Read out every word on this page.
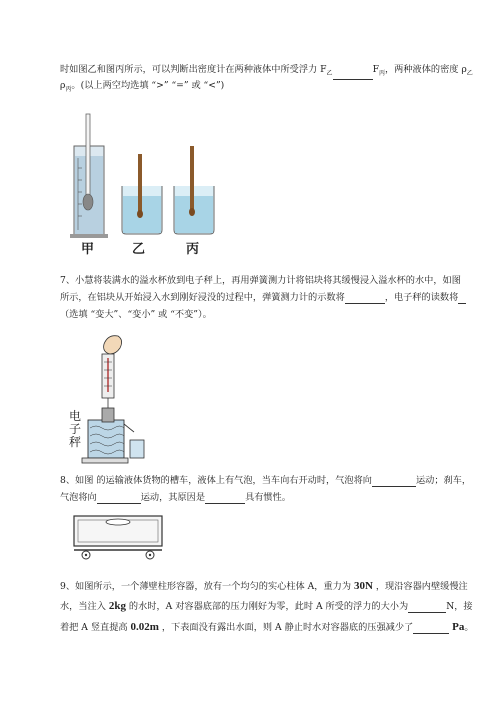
时如图乙和图丙所示，可以判断出密度计在两种液体中所受浮力 $F_乙$	$F_丙$，两种液体的密度 $\rho_乙$
$\rho_丙$。(以上两空均选填 “>” “=” 或 “<”)
甲	乙	丙
7、小慧将装满水的溢水杯放到电子秤上，再用弹簧测力计将铝块将其缓慢浸入溢水杯的水中，如图
所示，在铝块从开始浸入水到刚好浸没的过程中，弹簧测力计的示数将	，电子秤的读数将
（选填 “变大”、“变小” 或 “不变”）。
电
子
秤
8、如图 的运输液体货物的槽车，液体上有气泡，当车向右开动时，气泡将向	运动；刹车，
气泡将向	运动，其原因是	具有惯性。
9、如图所示，一个薄壁柱形容器，放有一个均匀的实心柱体 A，重力为 30N ，现沿容器内壁缓慢注
水，当注入 2kg 的水时，A 对容器底部的压力刚好为零，此时 A 所受的浮力的大小为	N，接
着把 A 竖直提高 0.02m ，下表面没有露出水面，则 A 静止时水对容器底的压强减少了	Pa。
